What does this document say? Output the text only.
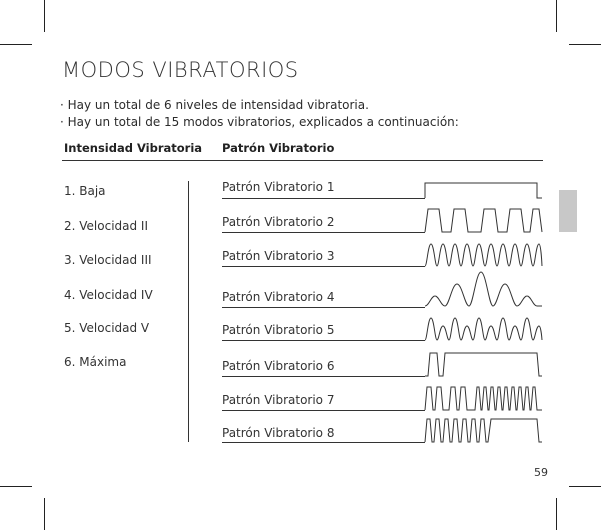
MODOS VIBRATORIOS
· Hay un total de 6 niveles de intensidad vibratoria.
· Hay un total de 15 modos vibratorios, explicados a continuación:
Intensidad Vibratoria Patrón Vibratorio
1. Baja
2. Velocidad II
3. Velocidad III
4. Velocidad IV
5. Velocidad V
6. Máxima
Patrón Vibratorio 1
Patrón Vibratorio 2
Patrón Vibratorio 3
Patrón Vibratorio 4
Patrón Vibratorio 5
Patrón Vibratorio 6
Patrón Vibratorio 7
Patrón Vibratorio 8
59
